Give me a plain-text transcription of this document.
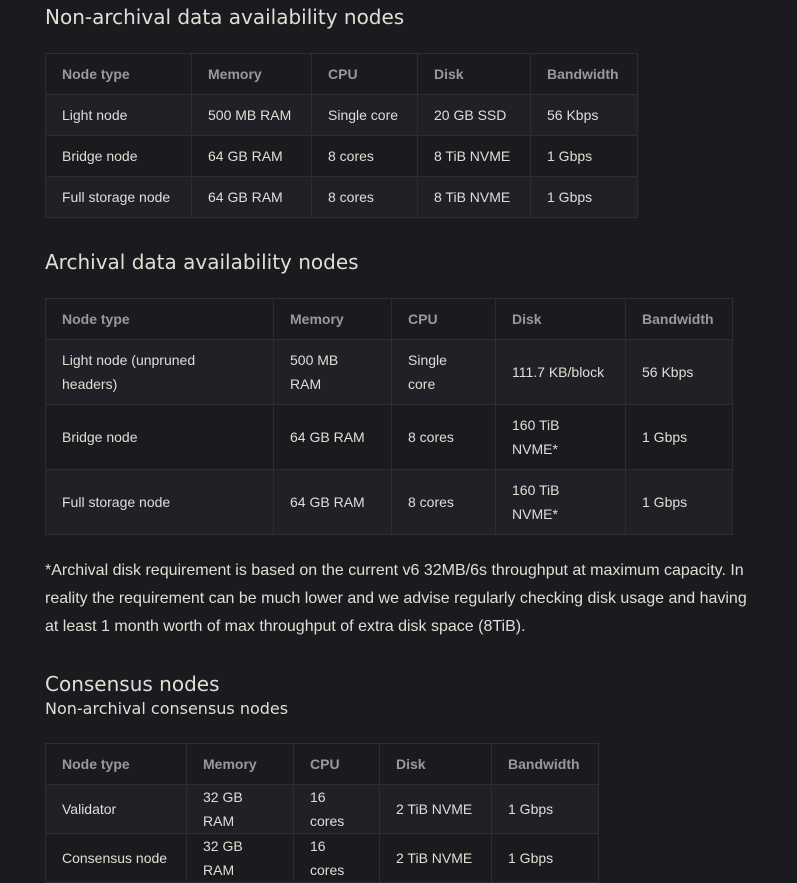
Non-archival data availability nodes
Node type	Memory	CPU	Disk	Bandwidth
Light node	500 MB RAM	Single core	20 GB SSD	56 Kbps
Bridge node	64 GB RAM	8 cores	8 TiB NVME	1 Gbps
Full storage node	64 GB RAM	8 cores	8 TiB NVME	1 Gbps
Archival data availability nodes
Node type	Memory	CPU	Disk	Bandwidth
Light node (unpruned headers)	500 MB RAM	Single core	111.7 KB/block	56 Kbps
Bridge node	64 GB RAM	8 cores	160 TiB NVME*	1 Gbps
Full storage node	64 GB RAM	8 cores	160 TiB NVME*	1 Gbps

*Archival disk requirement is based on the current v6 32MB/6s throughput at maximum capacity. In reality the requirement can be much lower and we advise regularly checking disk usage and having at least 1 month worth of max throughput of extra disk space (8TiB).

Consensus nodes
Non-archival consensus nodes
Node type	Memory	CPU	Disk	Bandwidth
Validator	32 GB RAM	16 cores	2 TiB NVME	1 Gbps
Consensus node	32 GB RAM	16 cores	2 TiB NVME	1 Gbps
